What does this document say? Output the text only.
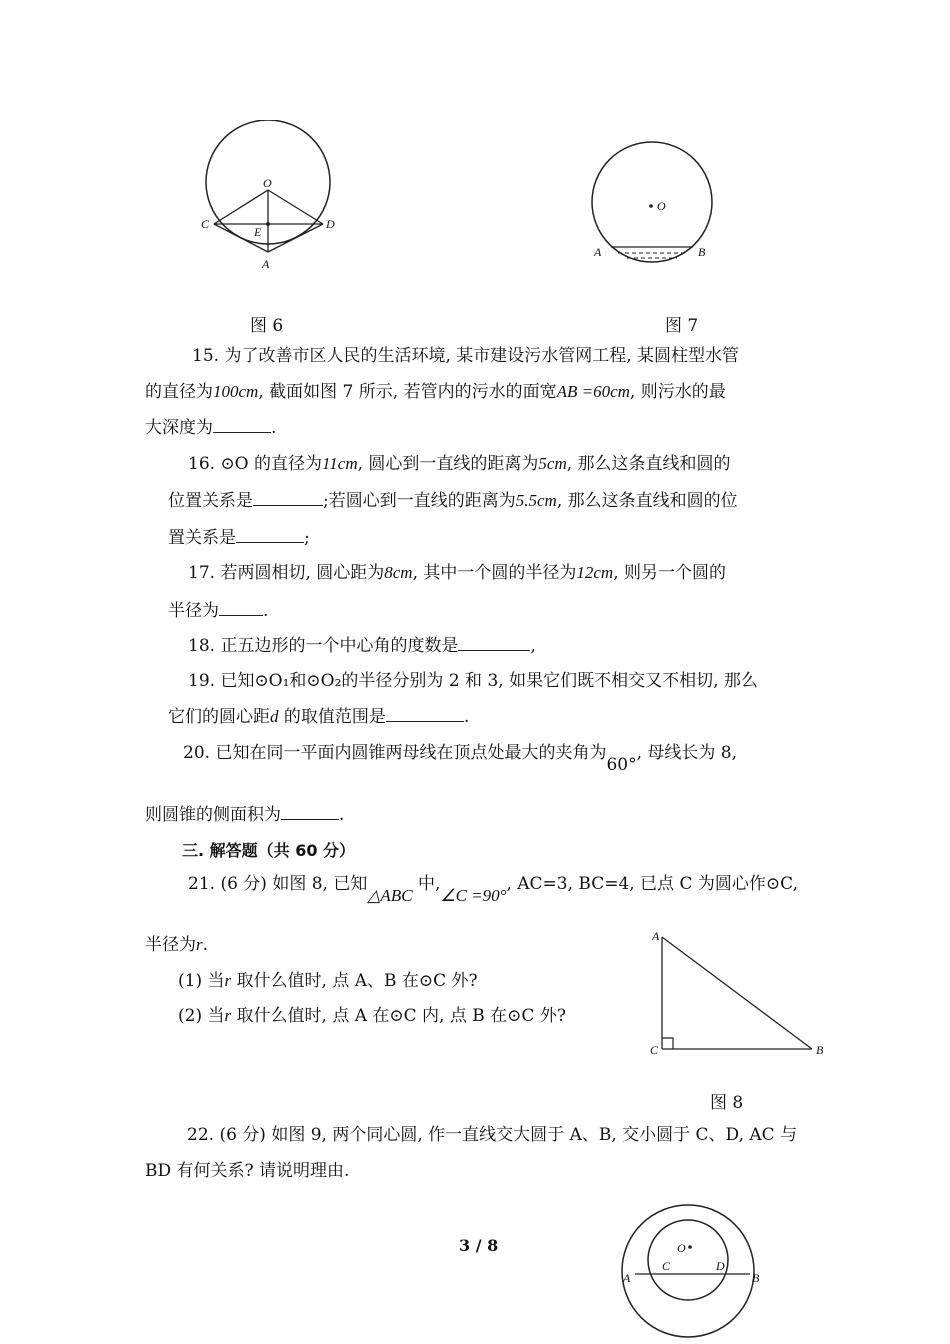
O
C	D
E
A
O
A	B
图 6	图 7
15. 为了改善市区人民的生活环境, 某市建设污水管网工程, 某圆柱型水管
的直径为100cm, 截面如图 7 所示, 若管内的污水的面宽AB =60cm, 则污水的最
大深度为	.
16. ⊙O 的直径为11cm, 圆心到一直线的距离为5cm, 那么这条直线和圆的
位置关系是	;若圆心到一直线的距离为5.5cm, 那么这条直线和圆的位
置关系是	;
17. 若两圆相切, 圆心距为8cm, 其中一个圆的半径为12cm, 则另一个圆的
半径为	.
18. 正五边形的一个中心角的度数是	,
19. 已知⊙O₁和⊙O₂的半径分别为 2 和 3, 如果它们既不相交又不相切, 那么
它们的圆心距d 的取值范围是	.
20. 已知在同一平面内圆锥两母线在顶点处最大的夹角为60°, 母线长为 8,
则圆锥的侧面积为	.
三. 解答题（共 60 分）
21. (6 分) 如图 8, 已知△ABC 中,∠C =90°, AC=3, BC=4, 已点 C 为圆心作⊙C,
半径为r.
(1) 当r 取什么值时, 点 A、B 在⊙C 外?
(2) 当r 取什么值时, 点 A 在⊙C 内, 点 B 在⊙C 外?
A
C	B
图 8
22. (6 分) 如图 9, 两个同心圆, 作一直线交大圆于 A、B, 交小圆于 C、D, AC 与
BD 有何关系? 请说明理由.
O
A
C	D
B
3 / 8
